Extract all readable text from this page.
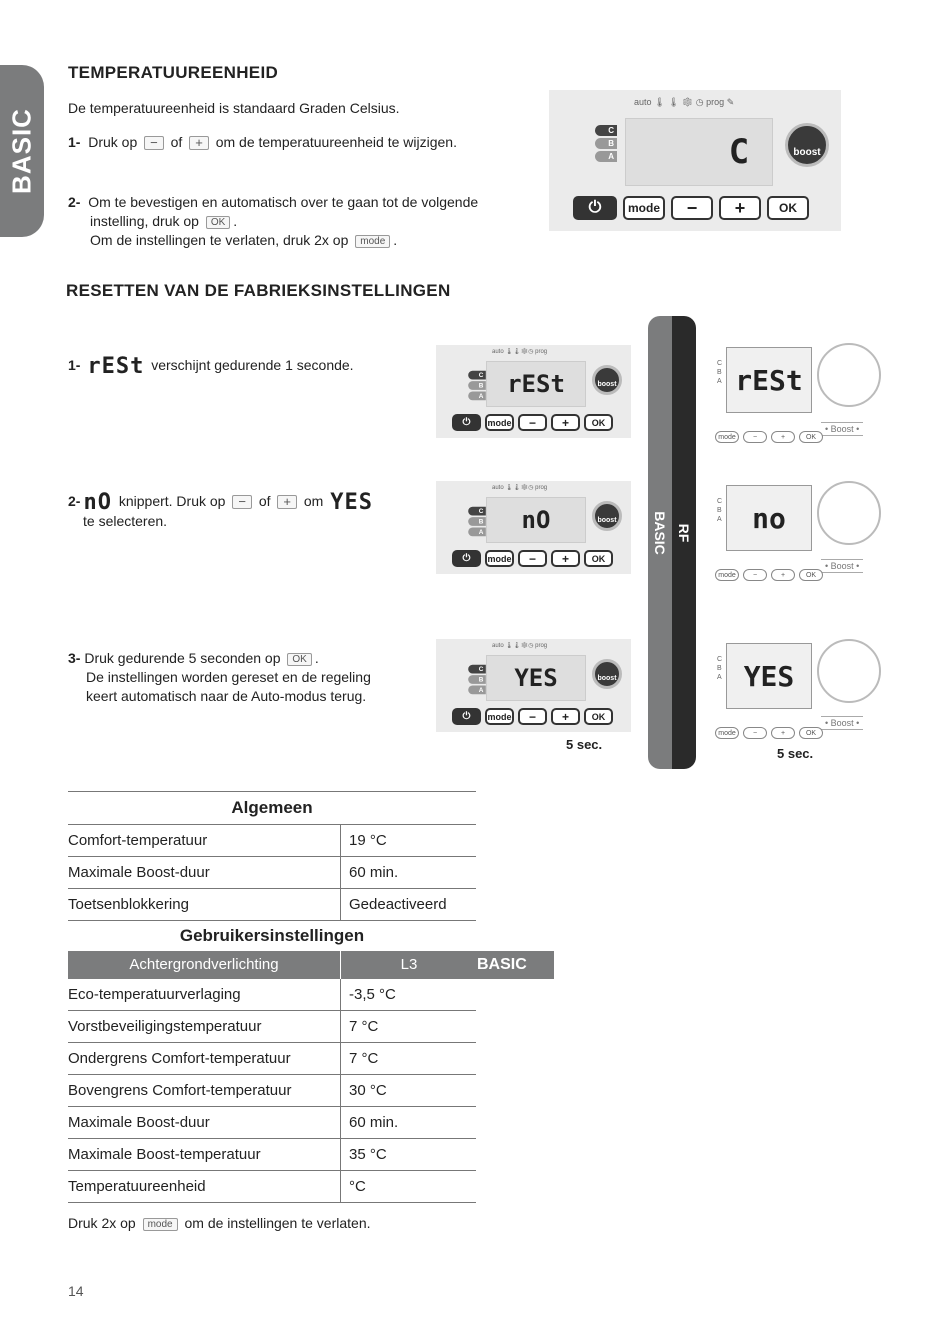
BASIC
TEMPERATUUREENHEID
De temperatuureenheid is standaard Graden Celsius.
1- Druk op − of + om de temperatuureenheid te wijzigen.
2- Om te bevestigen en automatisch over te gaan tot de volgende
instelling, druk op OK .
Om de instellingen te verlaten, druk 2x op mode .
auto 🌡 🌡 ❄ ◷ prog ✎
C
B
A	C	boost
⏻	mode	−	+	OK
RESETTEN VAN DE FABRIEKSINSTELLINGEN
1- rESt verschijnt gedurende 1 seconde.
2- nO knippert. Druk op − of + om YES
te selecteren.
3- Druk gedurende 5 seconden op OK .
De instellingen worden gereset en de regeling
keert automatisch naar de Auto-modus terug.
auto 🌡🌡❄◷ prog
C
B
A rESt	boost
⏻	mode	−	+	OK
auto 🌡🌡❄◷ prog
C
B
A	nO	boost
⏻	mode	−	+	OK
auto 🌡🌡❄◷ prog
C
B
A	YES	boost
⏻	mode	−	+	OK
5 sec.
BASIC RF
C
B
A rESt
• Boost •
mode	−	+	OK
C
B
A	no
• Boost •
mode	−	+	OK
C
B
A YES
• Boost •
mode	−	+	OK
5 sec.
Algemeen
Comfort-temperatuur	19 °C
Maximale Boost-duur	60 min.
Toetsenblokkering	Gedeactiveerd
Gebruikersinstellingen
Achtergrondverlichting	L3	BASIC
Eco-temperatuurverlaging	-3,5 °C
Vorstbeveiligingstemperatuur	7 °C
Ondergrens Comfort-temperatuur	7 °C
Bovengrens Comfort-temperatuur	30 °C
Maximale Boost-duur	60 min.
Maximale Boost-temperatuur	35 °C
Temperatuureenheid	°C
Druk 2x op mode om de instellingen te verlaten.
14
